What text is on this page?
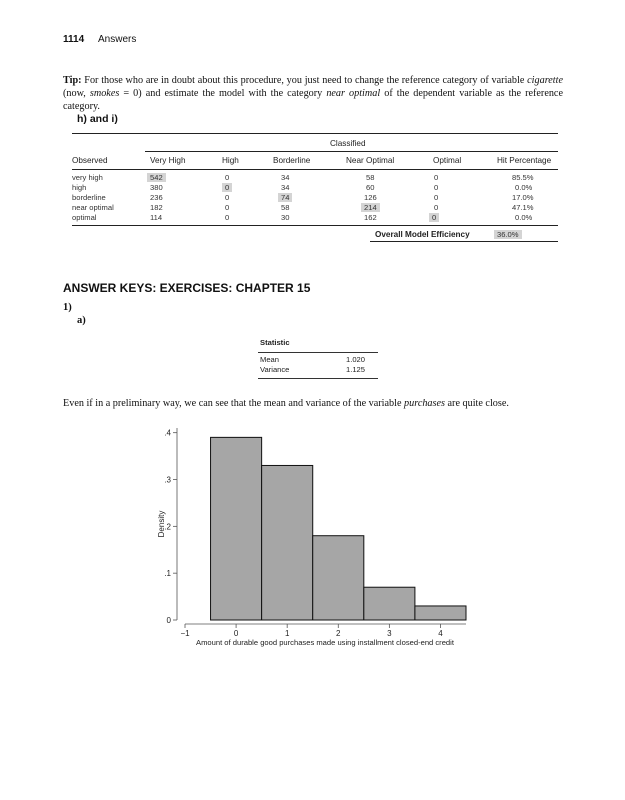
1114 Answers
Tip: For those who are in doubt about this procedure, you just need to change the reference category of variable cigarette (now, smokes = 0) and estimate the model with the category near optimal of the dependent variable as the reference category.
h) and i)
Classified
Observed	Very High	High	Borderline	Near Optimal	Optimal	Hit Percentage
very high	542	0	34	58	0	85.5%
high	380	0	34	60	0	0.0%
borderline	236	0	74	126	0	17.0%
near optimal	182	0	58	214	0	47.1%
optimal	114	0	30	162	0	0.0%
Overall Model Efficiency	36.0%
ANSWER KEYS: EXERCISES: CHAPTER 15
1)
a)
Statistic
Mean	1.020
Variance	1.125
Even if in a preliminary way, we can see that the mean and variance of the variable purchases are quite close.
0
.1
.2
.3
.4
−1	0	1	2	3	4
Amount of durable good purchases made using installment closed-end credit
Density
